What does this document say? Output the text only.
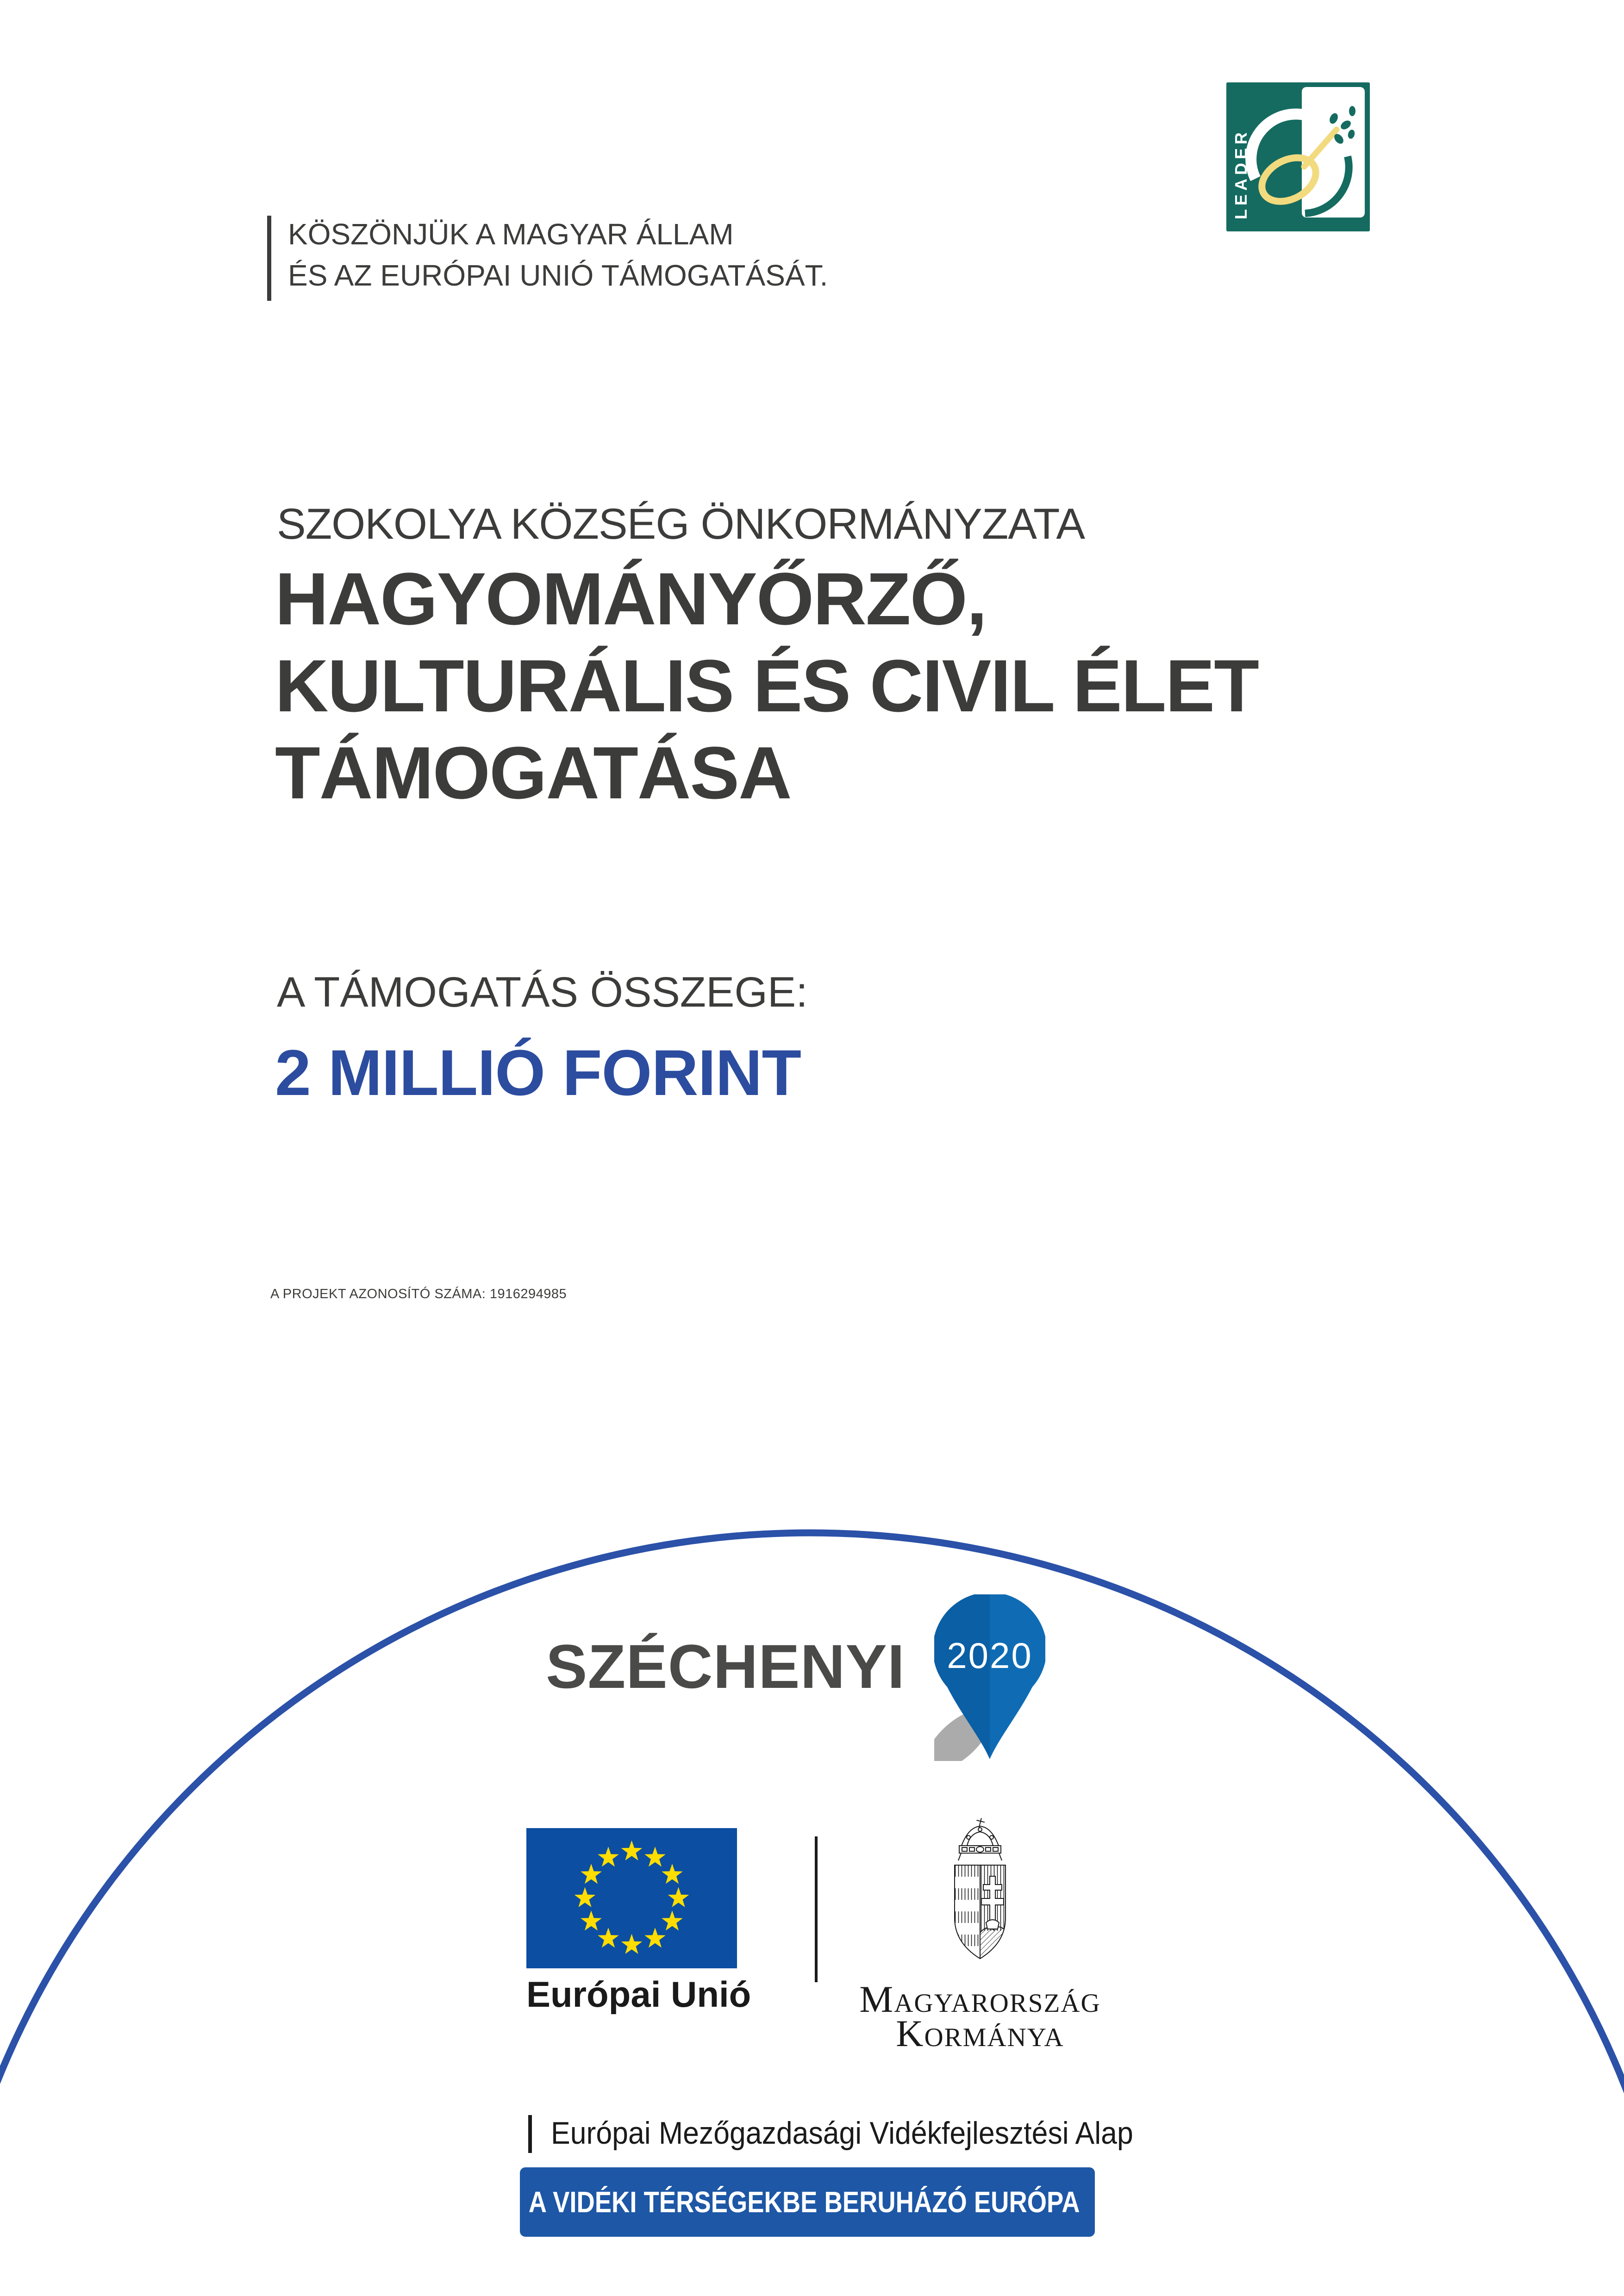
LEADER
KÖSZÖNJÜK A MAGYAR ÁLLAM
ÉS AZ EURÓPAI UNIÓ TÁMOGATÁSÁT.
SZOKOLYA KÖZSÉG ÖNKORMÁNYZATA
HAGYOMÁNYŐRZŐ,
KULTURÁLIS ÉS CIVIL ÉLET
TÁMOGATÁSA
A TÁMOGATÁS ÖSSZEGE:
2 MILLIÓ FORINT
A PROJEKT AZONOSÍTÓ SZÁMA: 1916294985
SZÉCHENYI	2020
Európai Unió	Magyarország
Kormánya
Európai Mezőgazdasági Vidékfejlesztési Alap
A VIDÉKI TÉRSÉGEKBE BERUHÁZÓ EURÓPA
